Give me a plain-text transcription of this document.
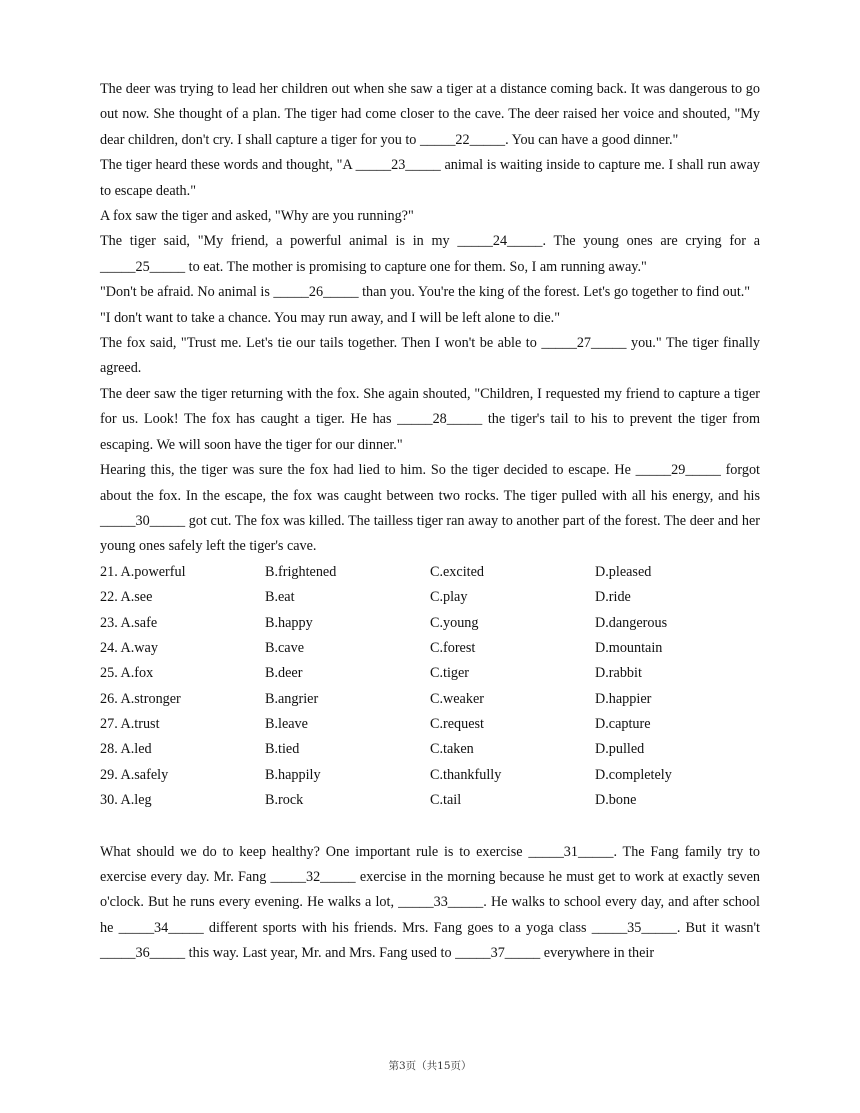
The deer was trying to lead her children out when she saw a tiger at a distance coming back. It was dangerous to go out now. She thought of a plan. The tiger had come closer to the cave. The deer raised her voice and shouted, "My dear children, don't cry. I shall capture a tiger for you to _____22_____. You can have a good dinner."

The tiger heard these words and thought, "A _____23_____ animal is waiting inside to capture me. I shall run away to escape death."

A fox saw the tiger and asked, "Why are you running?"

The tiger said, "My friend, a powerful animal is in my _____24_____. The young ones are crying for a _____25_____ to eat. The mother is promising to capture one for them. So, I am running away."

"Don't be afraid. No animal is _____26_____ than you. You're the king of the forest. Let's go together to find out."

"I don't want to take a chance. You may run away, and I will be left alone to die."

The fox said, "Trust me. Let's tie our tails together. Then I won't be able to _____27_____ you." The tiger finally agreed.

The deer saw the tiger returning with the fox. She again shouted, "Children, I requested my friend to capture a tiger for us. Look! The fox has caught a tiger. He has _____28_____ the tiger's tail to his to prevent the tiger from escaping. We will soon have the tiger for our dinner."

Hearing this, the tiger was sure the fox had lied to him. So the tiger decided to escape. He _____29_____ forgot about the fox. In the escape, the fox was caught between two rocks. The tiger pulled with all his energy, and his _____30_____ got cut. The fox was killed. The tailless tiger ran away to another part of the forest. The deer and her young ones safely left the tiger's cave.

21. A.powerful	B.frightened	C.excited	D.pleased
22. A.see	B.eat	C.play	D.ride
23. A.safe	B.happy	C.young	D.dangerous
24. A.way	B.cave	C.forest	D.mountain
25. A.fox	B.deer	C.tiger	D.rabbit
26. A.stronger	B.angrier	C.weaker	D.happier
27. A.trust	B.leave	C.request	D.capture
28. A.led	B.tied	C.taken	D.pulled
29. A.safely	B.happily	C.thankfully	D.completely
30. A.leg	B.rock	C.tail	D.bone

What should we do to keep healthy? One important rule is to exercise _____31_____. The Fang family try to exercise every day. Mr. Fang _____32_____ exercise in the morning because he must get to work at exactly seven o'clock. But he runs every evening. He walks a lot, _____33_____. He walks to school every day, and after school he _____34_____ different sports with his friends. Mrs. Fang goes to a yoga class _____35_____. But it wasn't _____36_____ this way. Last year, Mr. and Mrs. Fang used to _____37_____ everywhere in their

第3页（共15页）
